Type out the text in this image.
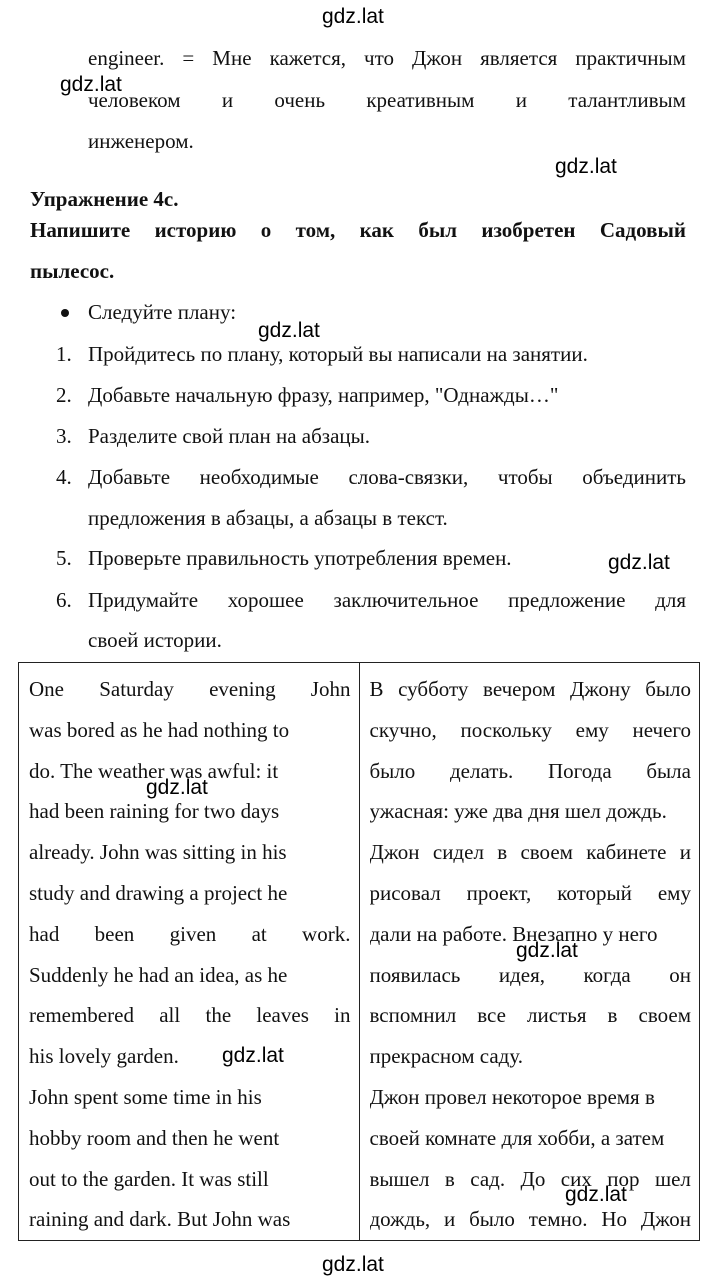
gdz.lat
gdz.lat
gdz.lat
gdz.lat
gdz.lat
gdz.lat
gdz.lat
gdz.lat
gdz.lat
gdz.lat
engineer. = Мне кажется, что Джон является практичным
человеком и очень креативным и талантливым
инженером.
Упражнение 4с.
Напишите историю о том, как был изобретен Садовый
пылесос.
Следуйте плану:
1. Пройдитесь по плану, который вы написали на занятии.
2. Добавьте начальную фразу, например, "Однажды…"
3. Разделите свой план на абзацы.
4. Добавьте необходимые слова-связки, чтобы объединить
предложения в абзацы, а абзацы в текст.
5. Проверьте правильность употребления времен.
6. Придумайте хорошее заключительное предложение для
своей истории.
One Saturday evening John
was bored as he had nothing to
do. The weather was awful: it
had been raining for two days
already. John was sitting in his
study and drawing a project he
had been given at work.
Suddenly he had an idea, as he
remembered all the leaves in
his lovely garden.
John spent some time in his
hobby room and then he went
out to the garden. It was still
raining and dark. But John was

В субботу вечером Джону было
скучно, поскольку ему нечего
было делать. Погода была
ужасная: уже два дня шел дождь.
Джон сидел в своем кабинете и
рисовал проект, который ему
дали на работе. Внезапно у него
появилась идея, когда он
вспомнил все листья в своем
прекрасном саду.
Джон провел некоторое время в
своей комнате для хобби, а затем
вышел в сад. До сих пор шел
дождь, и было темно. Но Джон
